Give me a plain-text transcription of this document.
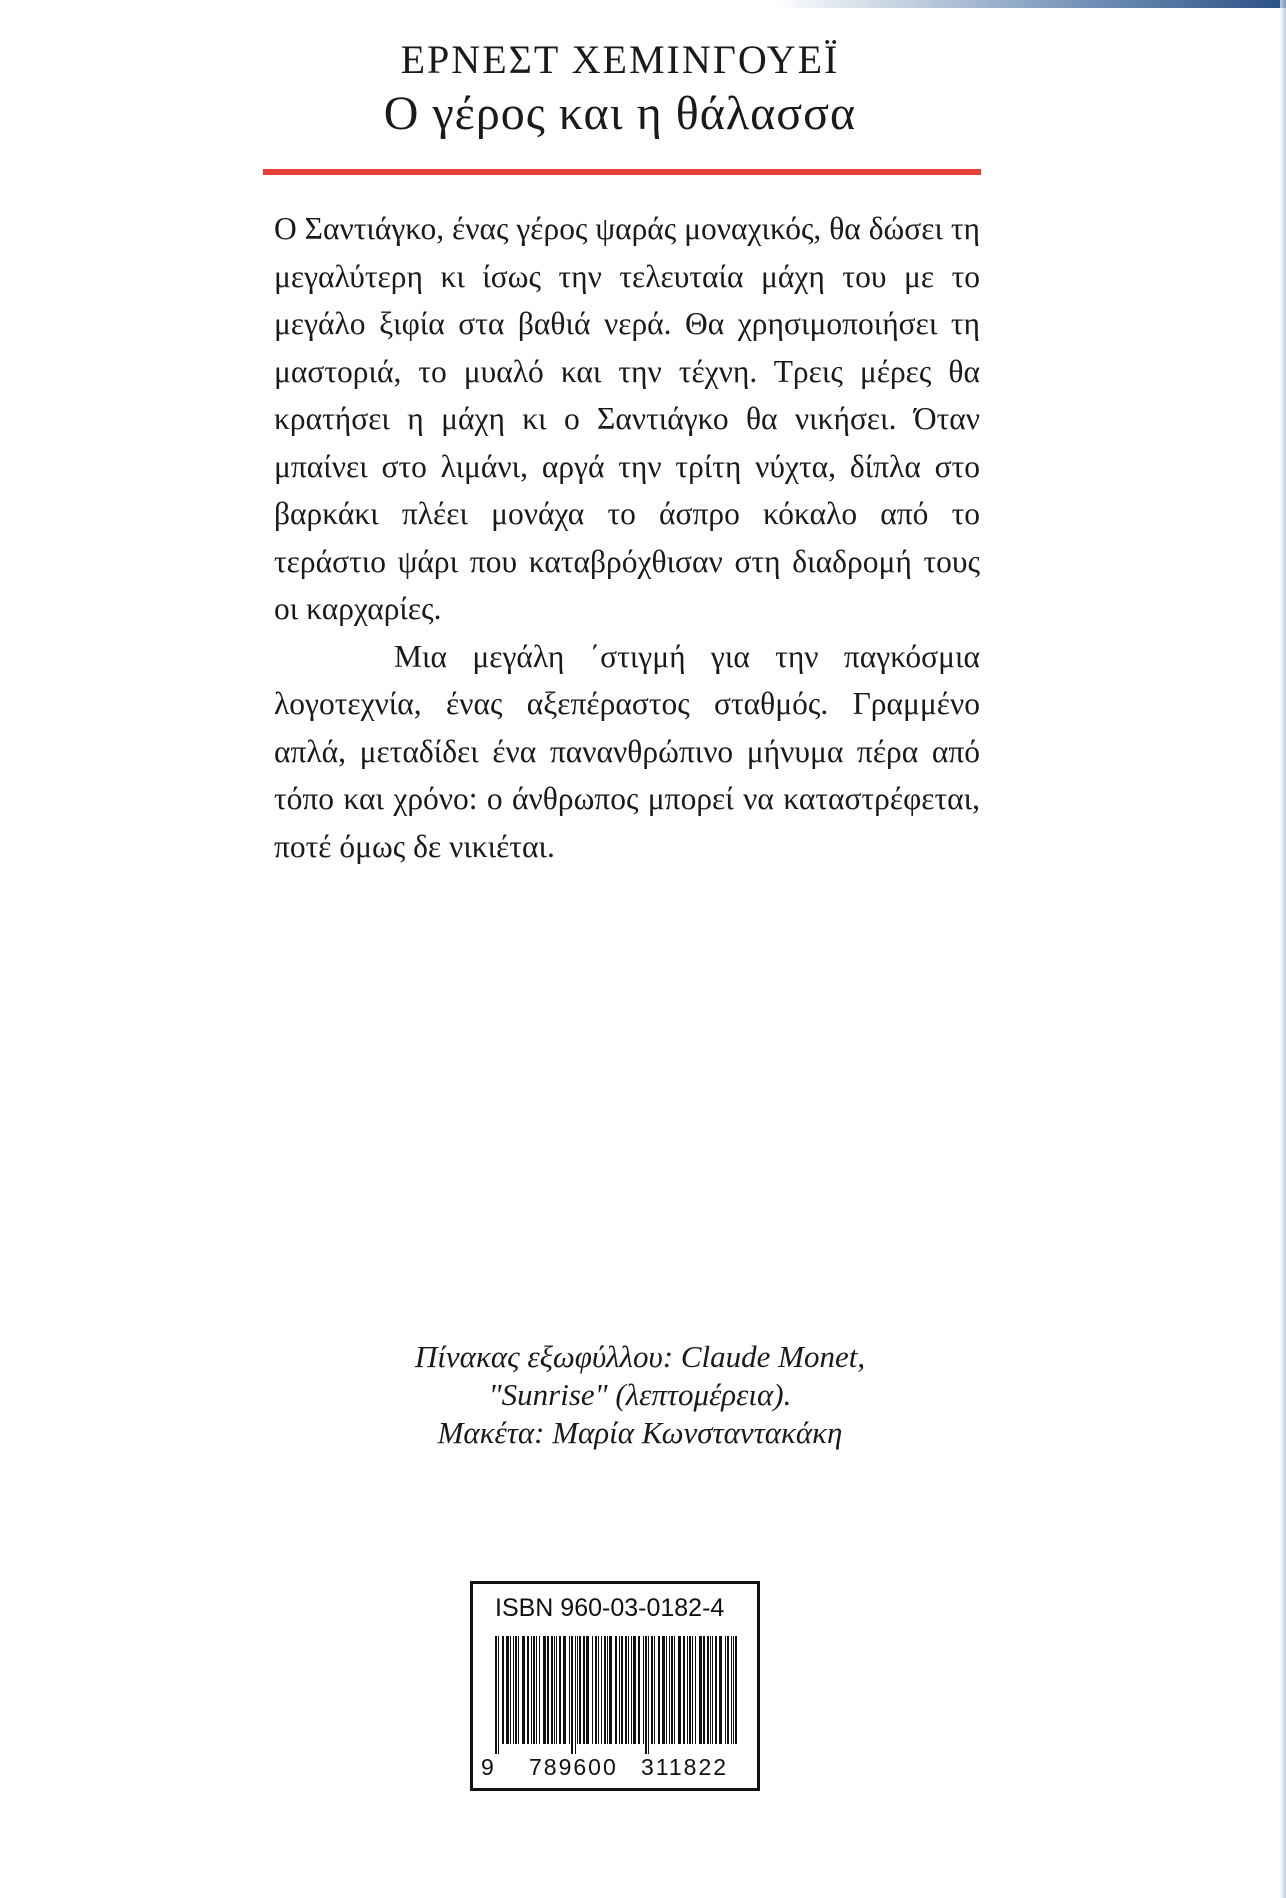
ΕΡΝΕΣΤ ΧΕΜΙΝΓΟΥΕΪ

Ο γέρος και η θάλασσα

Ο Σαντιάγκο, ένας γέρος ψαράς μοναχικός, θα δώσει τη μεγαλύτερη κι ίσως την τελευταία μάχη του με το μεγάλο ξιφία στα βαθιά νερά. Θα χρησιμοποιήσει τη μαστοριά, το μυαλό και την τέχνη. Τρεις μέρες θα κρατήσει η μάχη κι ο Σαντιάγκο θα νικήσει. Όταν μπαίνει στο λιμάνι, αργά την τρίτη νύχτα, δίπλα στο βαρκάκι πλέει μονάχα το άσπρο κόκαλο από το τεράστιο ψάρι που καταβρόχθισαν στη διαδρομή τους οι καρχαρίες.

Μια μεγάλη ΄στιγμή για την παγκόσμια λογοτεχνία, ένας αξεπέραστος σταθμός. Γραμμένο απλά, μεταδίδει ένα πανανθρώπινο μήνυμα πέρα από τόπο και χρόνο: ο άνθρωπος μπορεί να καταστρέφεται, ποτέ όμως δε νικιέται.

Πίνακας εξωφύλλου: Claude Monet,
"Sunrise" (λεπτομέρεια).
Μακέτα: Μαρία Κωνσταντακάκη
ISBN 960-03-0182-4
9 789600 311822
